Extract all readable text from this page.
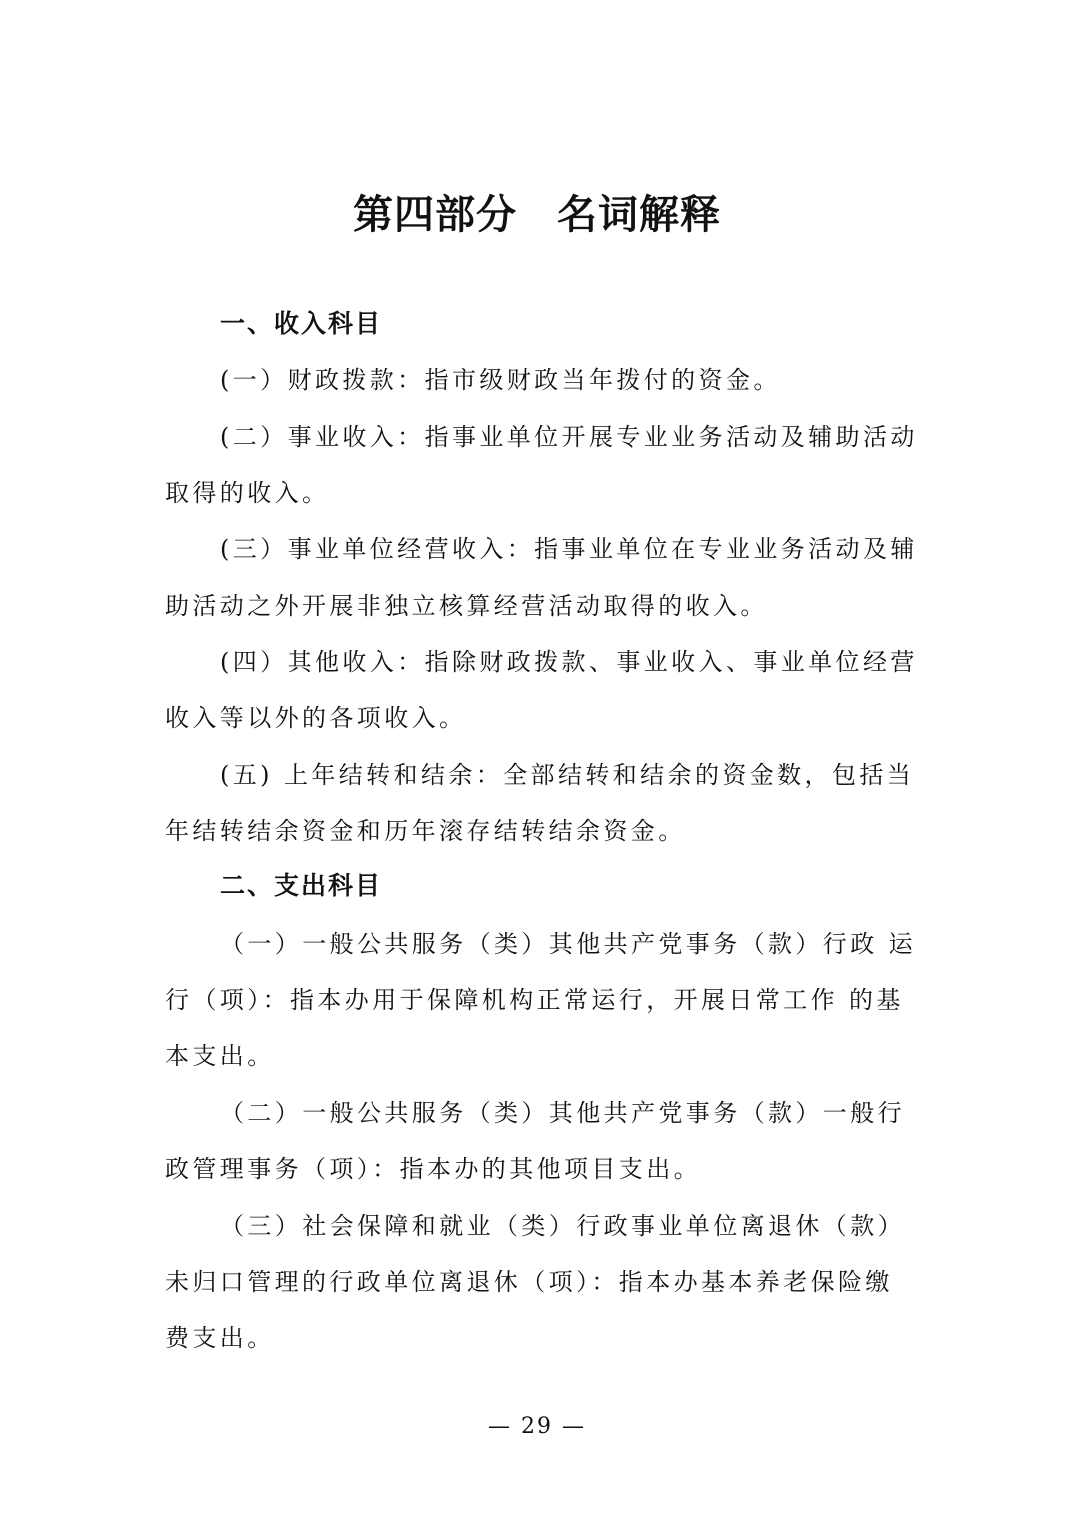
第四部分 名词解释
一、收入科目
(一）财政拨款：指市级财政当年拨付的资金。
(二）事业收入：指事业单位开展专业业务活动及辅助活动
取得的收入。
(三）事业单位经营收入：指事业单位在专业业务活动及辅
助活动之外开展非独立核算经营活动取得的收入。
(四）其他收入：指除财政拨款、事业收入、事业单位经营
收入等以外的各项收入。
(五) 上年结转和结余：全部结转和结余的资金数，包括当
年结转结余资金和历年滚存结转结余资金。
二、支出科目
（一）一般公共服务（类）其他共产党事务（款）行政 运
行（项）：指本办用于保障机构正常运行，开展日常工作 的基
本支出。
（二）一般公共服务（类）其他共产党事务（款）一般行
政管理事务（项）：指本办的其他项目支出。
（三）社会保障和就业（类）行政事业单位离退休（款）
未归口管理的行政单位离退休（项）：指本办基本养老保险缴
费支出。
— 29 —
